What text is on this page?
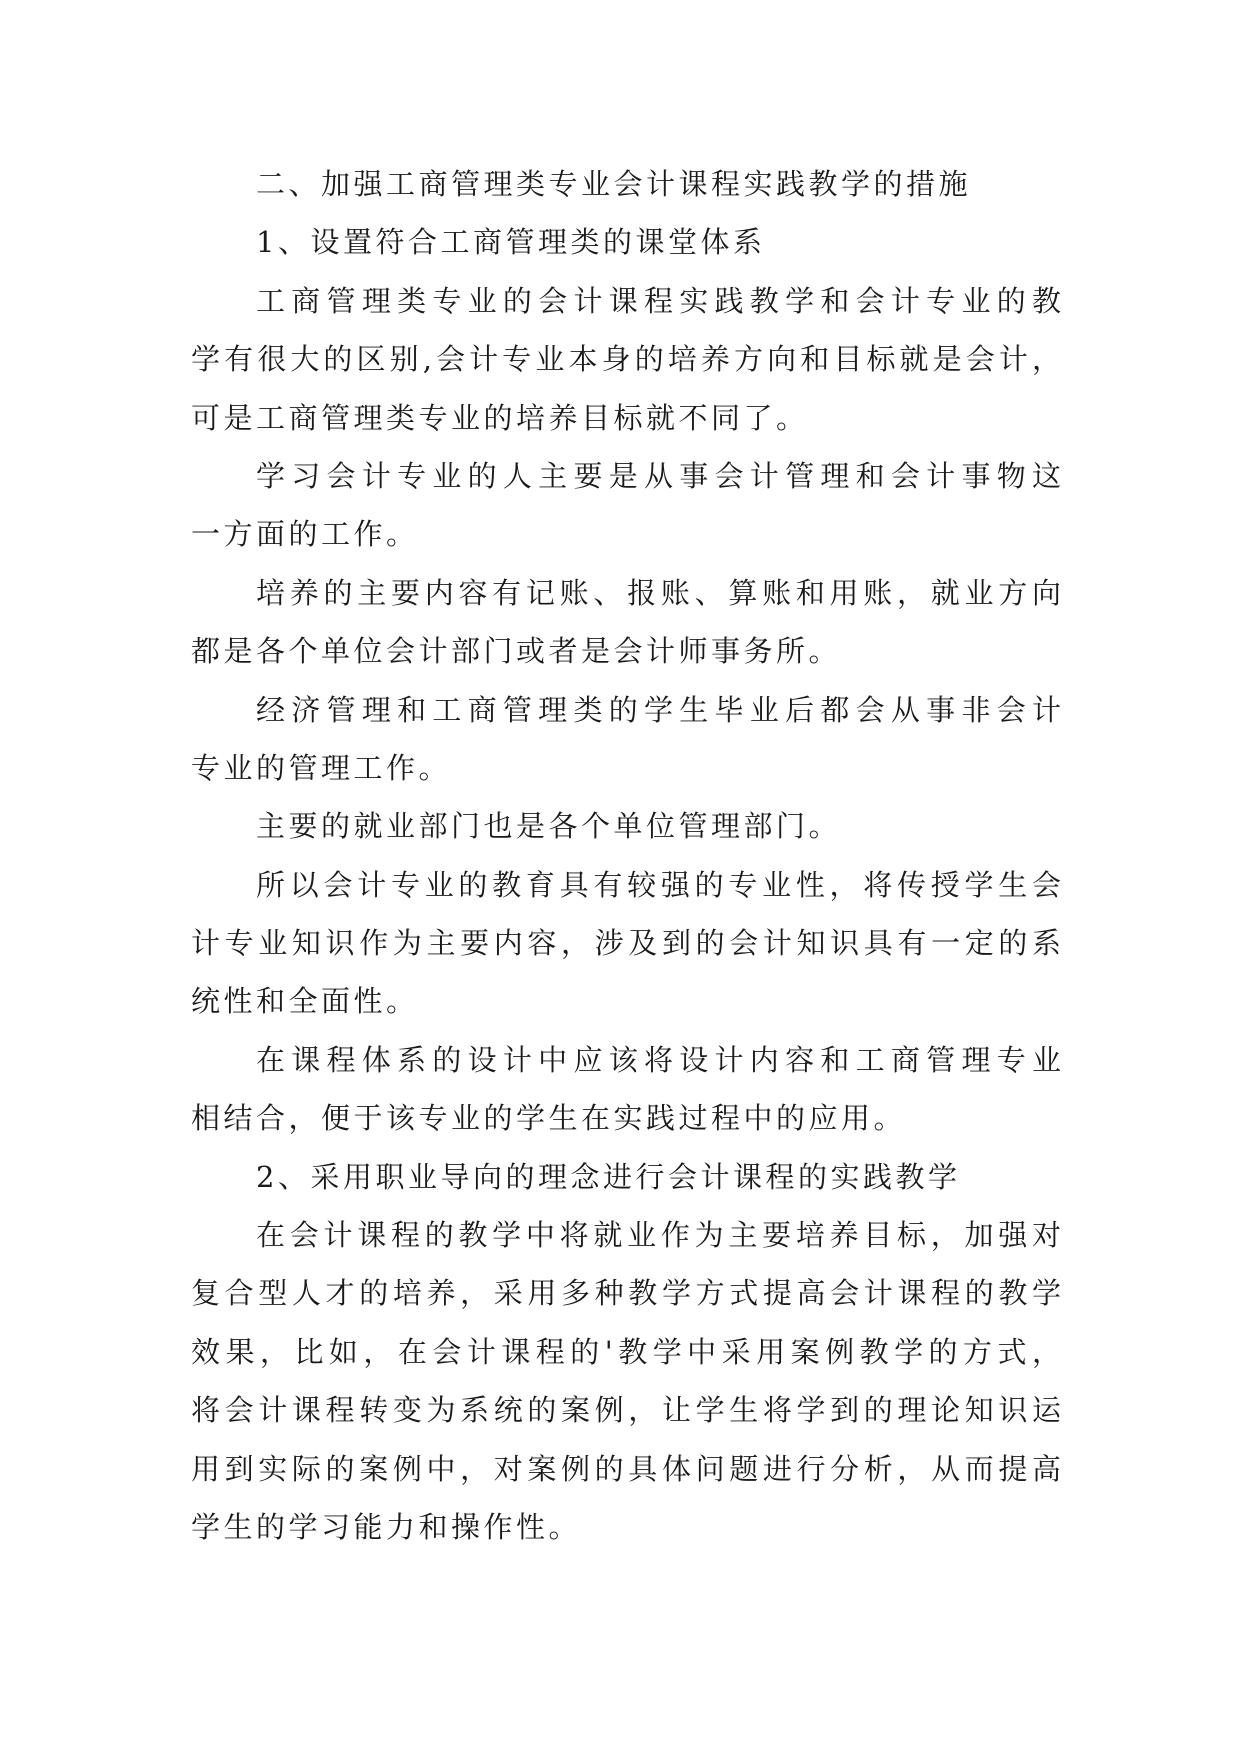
二、加强工商管理类专业会计课程实践教学的措施
1、设置符合工商管理类的课堂体系
工商管理类专业的会计课程实践教学和会计专业的教
学有很大的区别,会计专业本身的培养方向和目标就是会计，
可是工商管理类专业的培养目标就不同了。
学习会计专业的人主要是从事会计管理和会计事物这
一方面的工作。
培养的主要内容有记账、报账、算账和用账，就业方向
都是各个单位会计部门或者是会计师事务所。
经济管理和工商管理类的学生毕业后都会从事非会计
专业的管理工作。
主要的就业部门也是各个单位管理部门。
所以会计专业的教育具有较强的专业性，将传授学生会
计专业知识作为主要内容，涉及到的会计知识具有一定的系
统性和全面性。
在课程体系的设计中应该将设计内容和工商管理专业
相结合，便于该专业的学生在实践过程中的应用。
2、采用职业导向的理念进行会计课程的实践教学
在会计课程的教学中将就业作为主要培养目标，加强对
复合型人才的培养，采用多种教学方式提高会计课程的教学
效果，比如，在会计课程的'教学中采用案例教学的方式，
将会计课程转变为系统的案例，让学生将学到的理论知识运
用到实际的案例中，对案例的具体问题进行分析，从而提高
学生的学习能力和操作性。
